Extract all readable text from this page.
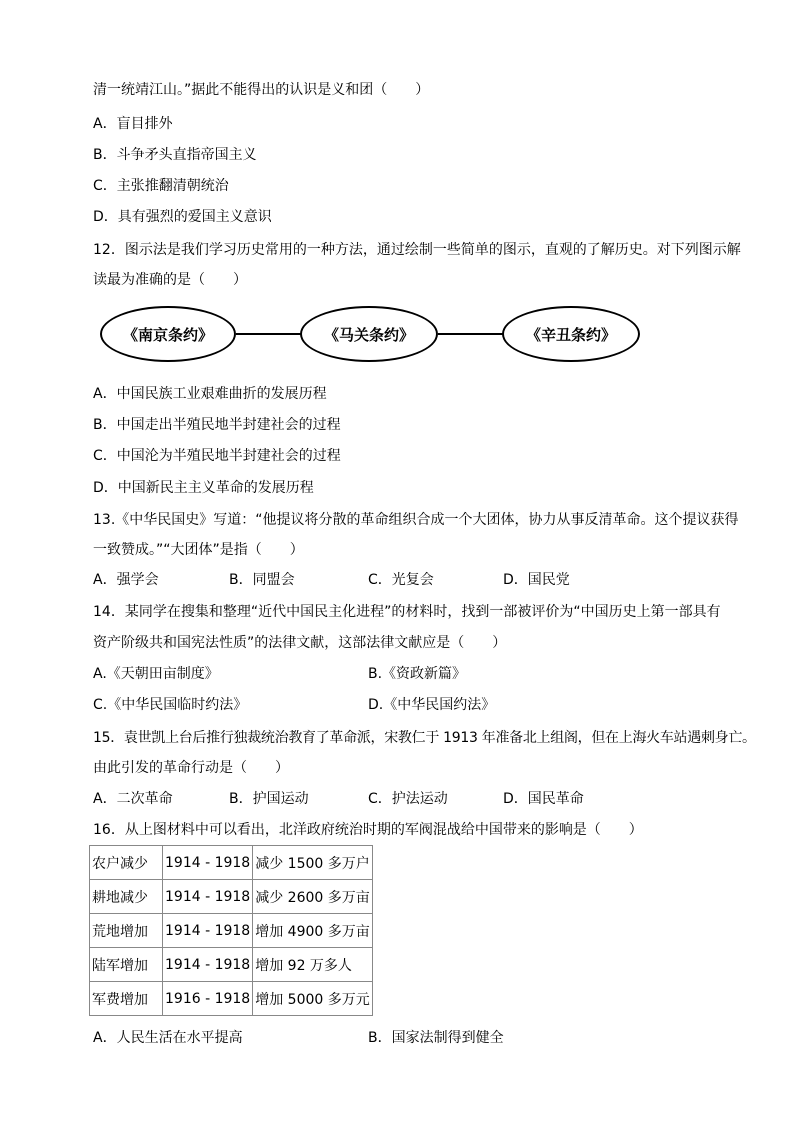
清一统靖江山。”据此不能得出的认识是义和团（　　）
A．盲目排外
B．斗争矛头直指帝国主义
C．主张推翻清朝统治
D．具有强烈的爱国主义意识
12．图示法是我们学习历史常用的一种方法，通过绘制一些简单的图示，直观的了解历史。对下列图示解
读最为准确的是（　　）
《南京条约》	《马关条约》	《辛丑条约》
A．中国民族工业艰难曲折的发展历程
B．中国走出半殖民地半封建社会的过程
C．中国沦为半殖民地半封建社会的过程
D．中国新民主主义革命的发展历程
13.《中华民国史》写道：“他提议将分散的革命组织合成一个大团体，协力从事反清革命。这个提议获得
一致赞成。”“大团体”是指（　　）
A．强学会	B．同盟会	C．光复会	D．国民党
14．某同学在搜集和整理“近代中国民主化进程”的材料时，找到一部被评价为“中国历史上第一部具有
资产阶级共和国宪法性质”的法律文献，这部法律文献应是（　　）
A.《天朝田亩制度》	B.《资政新篇》
C.《中华民国临时约法》	D.《中华民国约法》
15．袁世凯上台后推行独裁统治教育了革命派，宋教仁于 1913 年准备北上组阁，但在上海火车站遇刺身亡。
由此引发的革命行动是（　　）
A．二次革命	B．护国运动	C．护法运动	D．国民革命
16．从上图材料中可以看出，北洋政府统治时期的军阀混战给中国带来的影响是（　　）
农户减少	1914 - 1918	减少 1500 多万户
耕地减少	1914 - 1918	减少 2600 多万亩
荒地增加	1914 - 1918	增加 4900 多万亩
陆军增加	1914 - 1918	增加 92 万多人
军费增加	1916 - 1918	增加 5000 多万元
A．人民生活在水平提高	B．国家法制得到健全
